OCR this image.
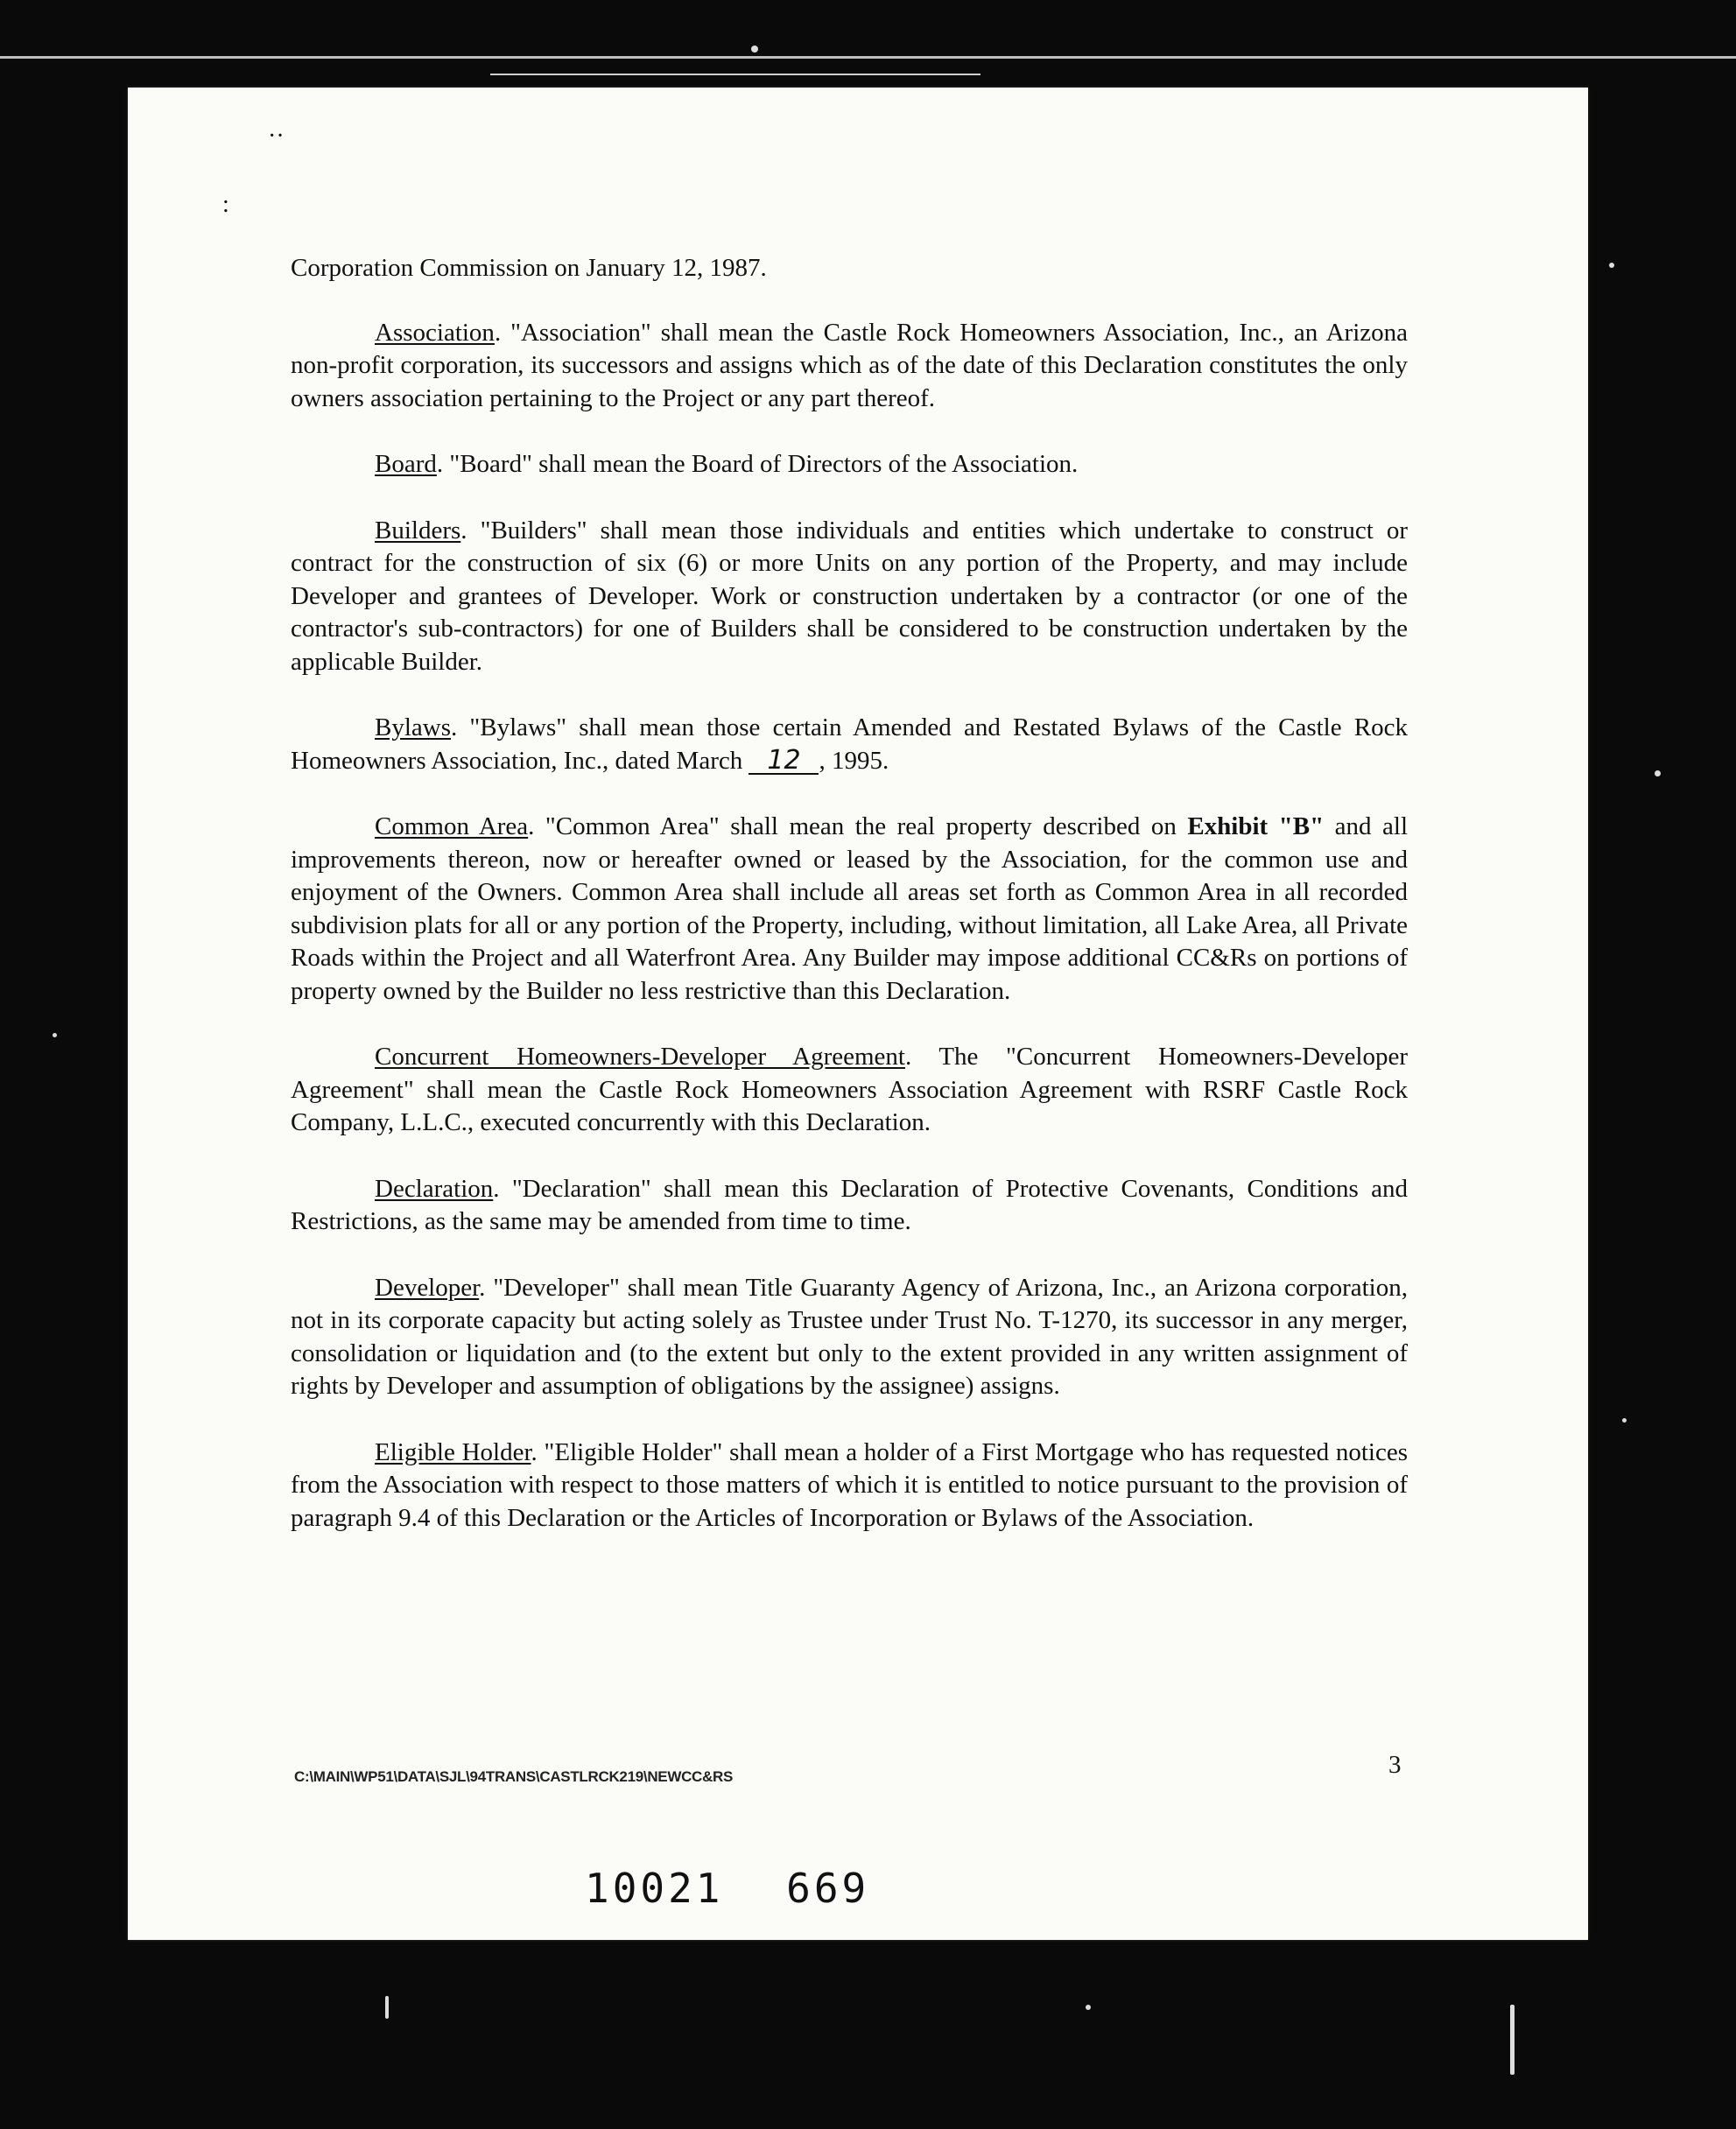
··
:

Corporation Commission on January 12, 1987.

Association. "Association" shall mean the Castle Rock Homeowners Association, Inc., an Arizona non-profit corporation, its successors and assigns which as of the date of this Declaration constitutes the only owners association pertaining to the Project or any part thereof.

Board. "Board" shall mean the Board of Directors of the Association.

Builders. "Builders" shall mean those individuals and entities which undertake to construct or contract for the construction of six (6) or more Units on any portion of the Property, and may include Developer and grantees of Developer. Work or construction undertaken by a contractor (or one of the contractor's sub-contractors) for one of Builders shall be considered to be construction undertaken by the applicable Builder.

Bylaws. "Bylaws" shall mean those certain Amended and Restated Bylaws of the Castle Rock Homeowners Association, Inc., dated March 12 , 1995.

Common Area. "Common Area" shall mean the real property described on Exhibit "B" and all improvements thereon, now or hereafter owned or leased by the Association, for the common use and enjoyment of the Owners. Common Area shall include all areas set forth as Common Area in all recorded subdivision plats for all or any portion of the Property, including, without limitation, all Lake Area, all Private Roads within the Project and all Waterfront Area. Any Builder may impose additional CC&Rs on portions of property owned by the Builder no less restrictive than this Declaration.

Concurrent Homeowners-Developer Agreement. The "Concurrent Homeowners-Developer Agreement" shall mean the Castle Rock Homeowners Association Agreement with RSRF Castle Rock Company, L.L.C., executed concurrently with this Declaration.

Declaration. "Declaration" shall mean this Declaration of Protective Covenants, Conditions and Restrictions, as the same may be amended from time to time.

Developer. "Developer" shall mean Title Guaranty Agency of Arizona, Inc., an Arizona corporation, not in its corporate capacity but acting solely as Trustee under Trust No. T-1270, its successor in any merger, consolidation or liquidation and (to the extent but only to the extent provided in any written assignment of rights by Developer and assumption of obligations by the assignee) assigns.

Eligible Holder. "Eligible Holder" shall mean a holder of a First Mortgage who has requested notices from the Association with respect to those matters of which it is entitled to notice pursuant to the provision of paragraph 9.4 of this Declaration or the Articles of Incorporation or Bylaws of the Association.

C:\MAIN\WP51\DATA\SJL\94TRANS\CASTLRCK219\NEWCC&RS	3
10021 669
